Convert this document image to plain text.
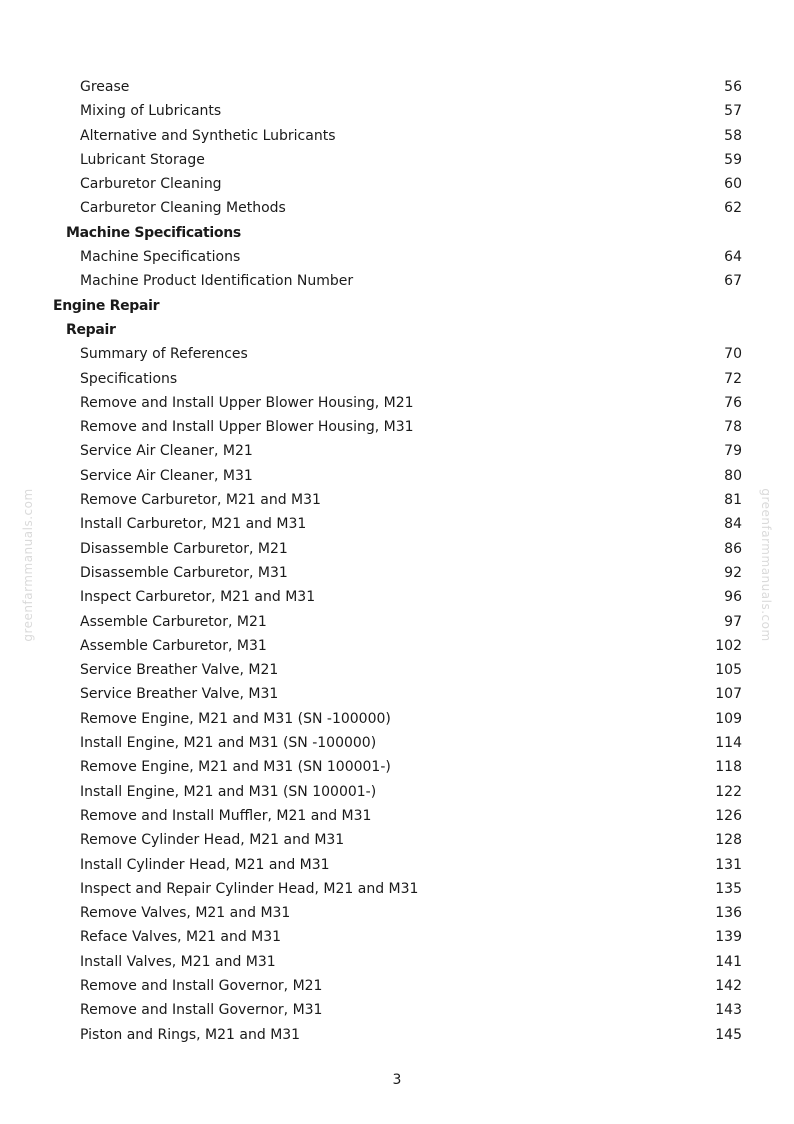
Grease	56
Mixing of Lubricants	57
Alternative and Synthetic Lubricants	58
Lubricant Storage	59
Carburetor Cleaning	60
Carburetor Cleaning Methods	62
Machine Specifications
Machine Specifications	64
Machine Product Identification Number	67
Engine Repair
Repair
Summary of References	70
Specifications	72
Remove and Install Upper Blower Housing, M21	76
Remove and Install Upper Blower Housing, M31	78
Service Air Cleaner, M21	79
Service Air Cleaner, M31	80
Remove Carburetor, M21 and M31	81
Install Carburetor, M21 and M31	84
Disassemble Carburetor, M21	86
Disassemble Carburetor, M31	92
Inspect Carburetor, M21 and M31	96
Assemble Carburetor, M21	97
Assemble Carburetor, M31	102
Service Breather Valve, M21	105
Service Breather Valve, M31	107
Remove Engine, M21 and M31 (SN -100000)	109
Install Engine, M21 and M31 (SN -100000)	114
Remove Engine, M21 and M31 (SN 100001-)	118
Install Engine, M21 and M31 (SN 100001-)	122
Remove and Install Muffler, M21 and M31	126
Remove Cylinder Head, M21 and M31	128
Install Cylinder Head, M21 and M31	131
Inspect and Repair Cylinder Head, M21 and M31	135
Remove Valves, M21 and M31	136
Reface Valves, M21 and M31	139
Install Valves, M21 and M31	141
Remove and Install Governor, M21	142
Remove and Install Governor, M31	143
Piston and Rings, M21 and M31	145
greenfarmmanuals.com	greenfarmmanuals.com
3
